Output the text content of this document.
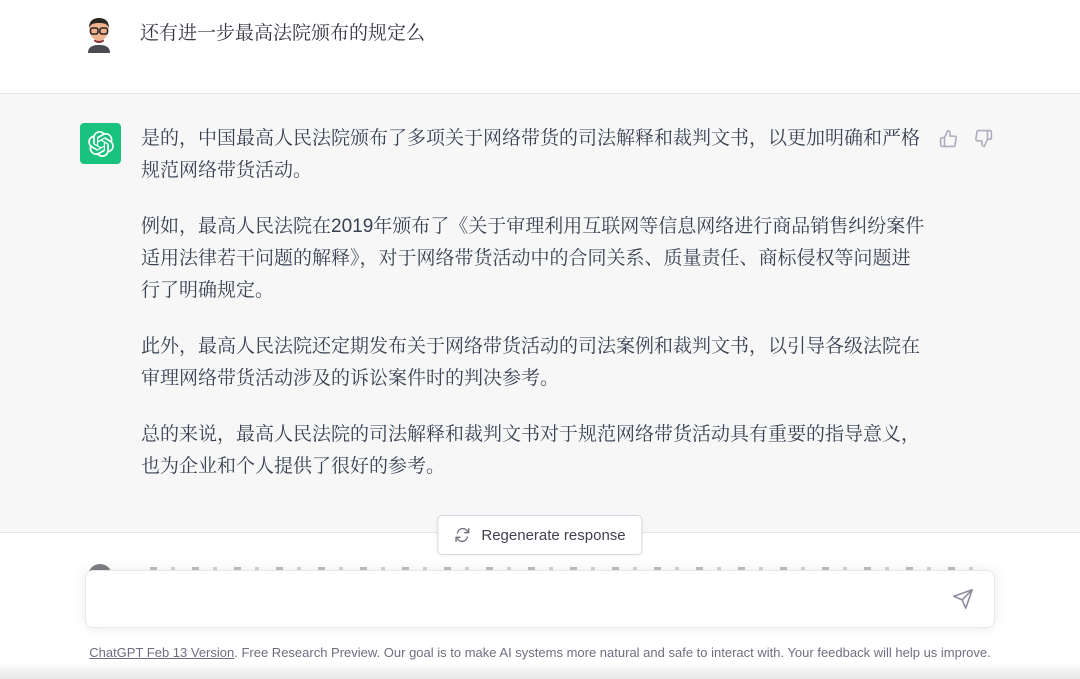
还有进一步最高法院颁布的规定么

是的，中国最高人民法院颁布了多项关于网络带货的司法解释和裁判文书，以更加明确和严格规范网络带货活动。

例如，最高人民法院在2019年颁布了《关于审理利用互联网等信息网络进行商品销售纠纷案件适用法律若干问题的解释》，对于网络带货活动中的合同关系、质量责任、商标侵权等问题进行了明确规定。

此外，最高人民法院还定期发布关于网络带货活动的司法案例和裁判文书，以引导各级法院在审理网络带货活动涉及的诉讼案件时的判决参考。

总的来说，最高人民法院的司法解释和裁判文书对于规范网络带货活动具有重要的指导意义，也为企业和个人提供了很好的参考。

Regenerate response
ChatGPT Feb 13 Version. Free Research Preview. Our goal is to make AI systems more natural and safe to interact with. Your feedback will help us improve.
